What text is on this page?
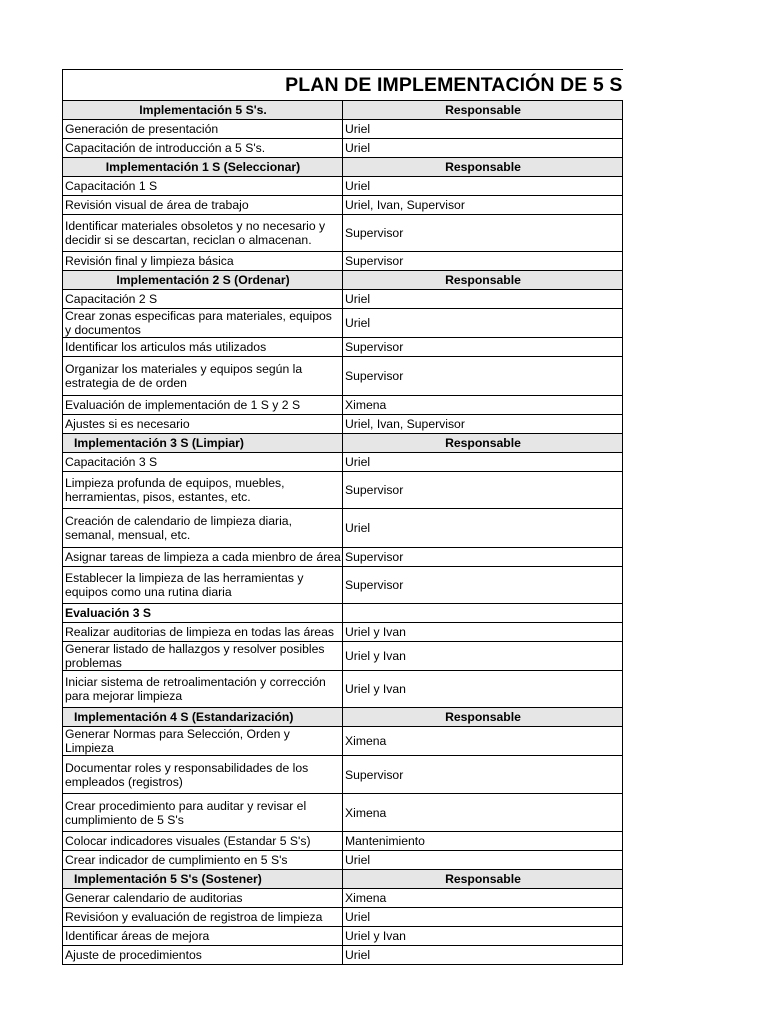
PLAN DE IMPLEMENTACIÓN DE 5 S	
Implementación 5 S's.	Responsable
Generación de presentación	Uriel
Capacitación de introducción a 5 S's.	Uriel
Implementación 1 S (Seleccionar)	Responsable
Capacitación 1 S	Uriel
Revisión visual de área de trabajo	Uriel, Ivan, Supervisor
Identificar materiales obsoletos y no necesario y decidir si se descartan, reciclan o almacenan.	Supervisor
Revisión final y limpieza básica	Supervisor
Implementación 2 S (Ordenar)	Responsable
Capacitación 2 S	Uriel
Crear zonas especificas para materiales, equipos y documentos	Uriel
Identificar los articulos más utilizados	Supervisor
Organizar los materiales y equipos según la estrategia de de orden	Supervisor
Evaluación de implementación de 1 S y 2 S	Ximena
Ajustes si es necesario	Uriel, Ivan, Supervisor
Implementación 3 S (Limpiar)	Responsable
Capacitación 3 S	Uriel
Limpieza profunda de equipos, muebles, herramientas, pisos, estantes, etc.	Supervisor
Creación de calendario de limpieza diaria, semanal, mensual, etc.	Uriel
Asignar tareas de limpieza a cada mienbro de área	Supervisor
Establecer la limpieza de las herramientas y equipos como una rutina diaria	Supervisor
Evaluación 3 S	
Realizar auditorias de limpieza en todas las áreas	Uriel y Ivan
Generar listado de hallazgos y resolver posibles problemas	Uriel y Ivan
Iniciar sistema de retroalimentación y corrección para mejorar limpieza	Uriel y Ivan
Implementación 4 S (Estandarización)	Responsable
Generar Normas para Selección, Orden y Limpieza	Ximena
Documentar roles y responsabilidades de los empleados (registros)	Supervisor
Crear procedimiento para auditar y revisar el cumplimiento de 5 S's	Ximena
Colocar indicadores visuales (Estandar 5 S's)	Mantenimiento
Crear indicador de cumplimiento en 5 S's	Uriel
Implementación 5 S's (Sostener)	Responsable
Generar calendario de auditorias	Ximena
Revisióon y evaluación de registroa de limpieza	Uriel
Identificar áreas de mejora	Uriel y Ivan
Ajuste de procedimientos	Uriel
